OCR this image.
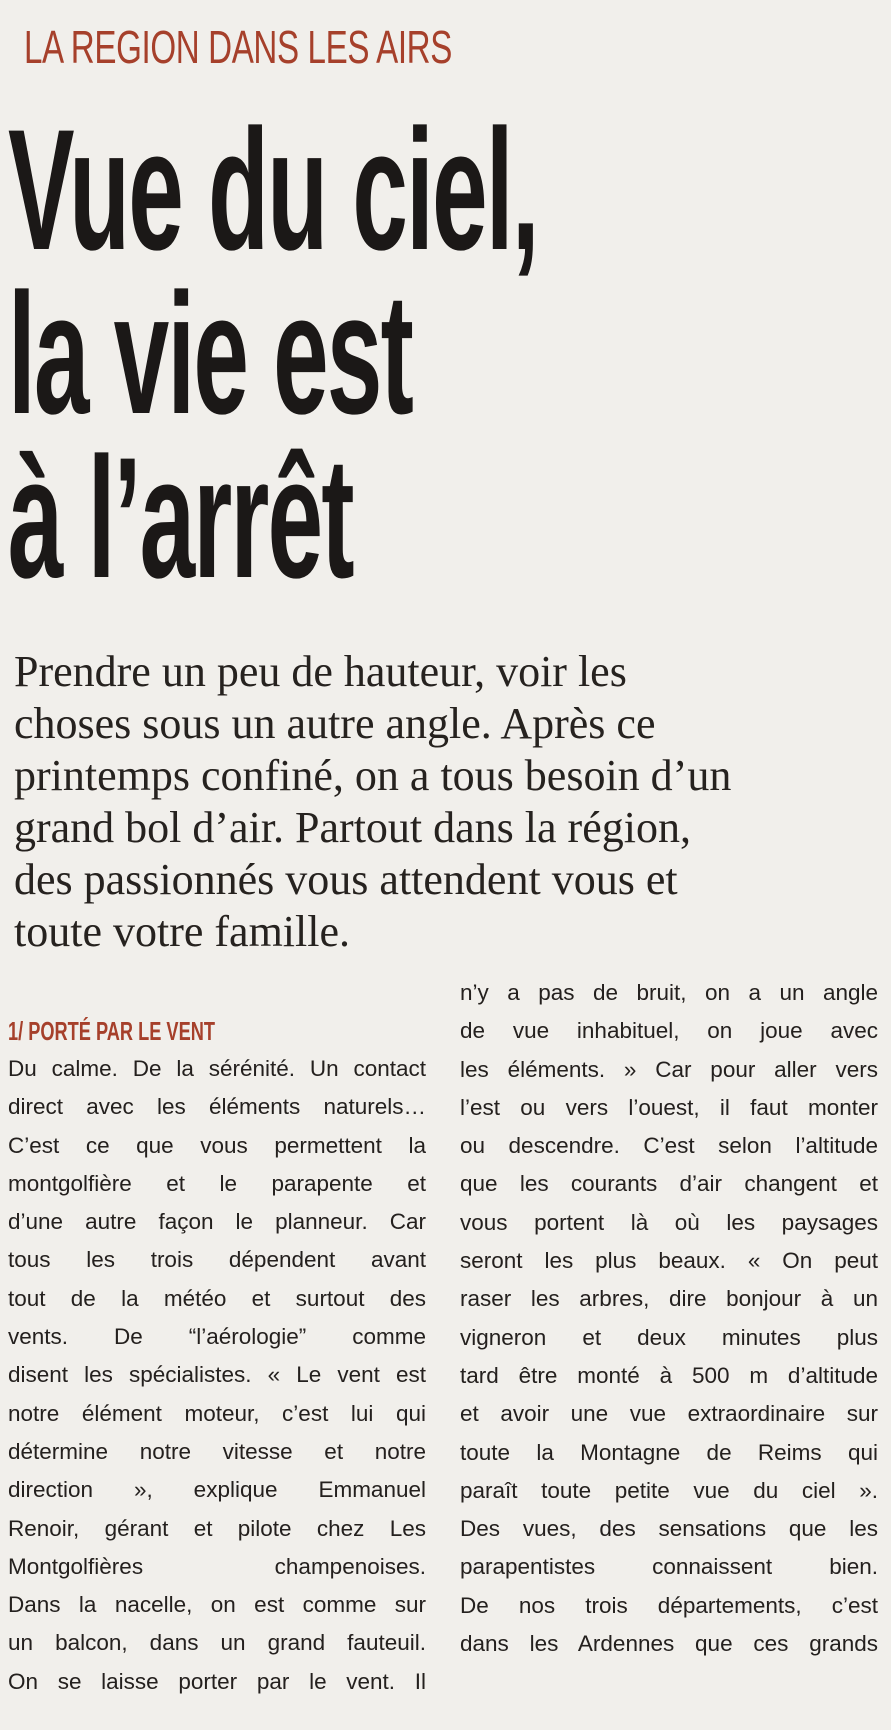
LA REGION DANS LES AIRS
Vue du ciel,
la vie est
à l’arrêt

Prendre un peu de hauteur, voir les
choses sous un autre angle. Après ce
printemps confiné, on a tous besoin d’un
grand bol d’air. Partout dans la région,
des passionnés vous attendent vous et
toute votre famille.

1/ PORTÉ PAR LE VENT
Du calme. De la sérénité. Un contact
direct avec les éléments naturels…
C’est ce que vous permettent la
montgolfière et le parapente et
d’une autre façon le planneur. Car
tous les trois dépendent avant
tout de la météo et surtout des
vents. De “l’aérologie” comme
disent les spécialistes. « Le vent est
notre élément moteur, c’est lui qui
détermine notre vitesse et notre
direction », explique Emmanuel
Renoir, gérant et pilote chez Les
Montgolfières champenoises.
Dans la nacelle, on est comme sur
un balcon, dans un grand fauteuil.
On se laisse porter par le vent. Il
n’y a pas de bruit, on a un angle
de vue inhabituel, on joue avec
les éléments. » Car pour aller vers
l’est ou vers l’ouest, il faut monter
ou descendre. C’est selon l’altitude
que les courants d’air changent et
vous portent là où les paysages
seront les plus beaux. « On peut
raser les arbres, dire bonjour à un
vigneron et deux minutes plus
tard être monté à 500 m d’altitude
et avoir une vue extraordinaire sur
toute la Montagne de Reims qui
paraît toute petite vue du ciel ».
Des vues, des sensations que les
parapentistes connaissent bien.
De nos trois départements, c’est
dans les Ardennes que ces grands
